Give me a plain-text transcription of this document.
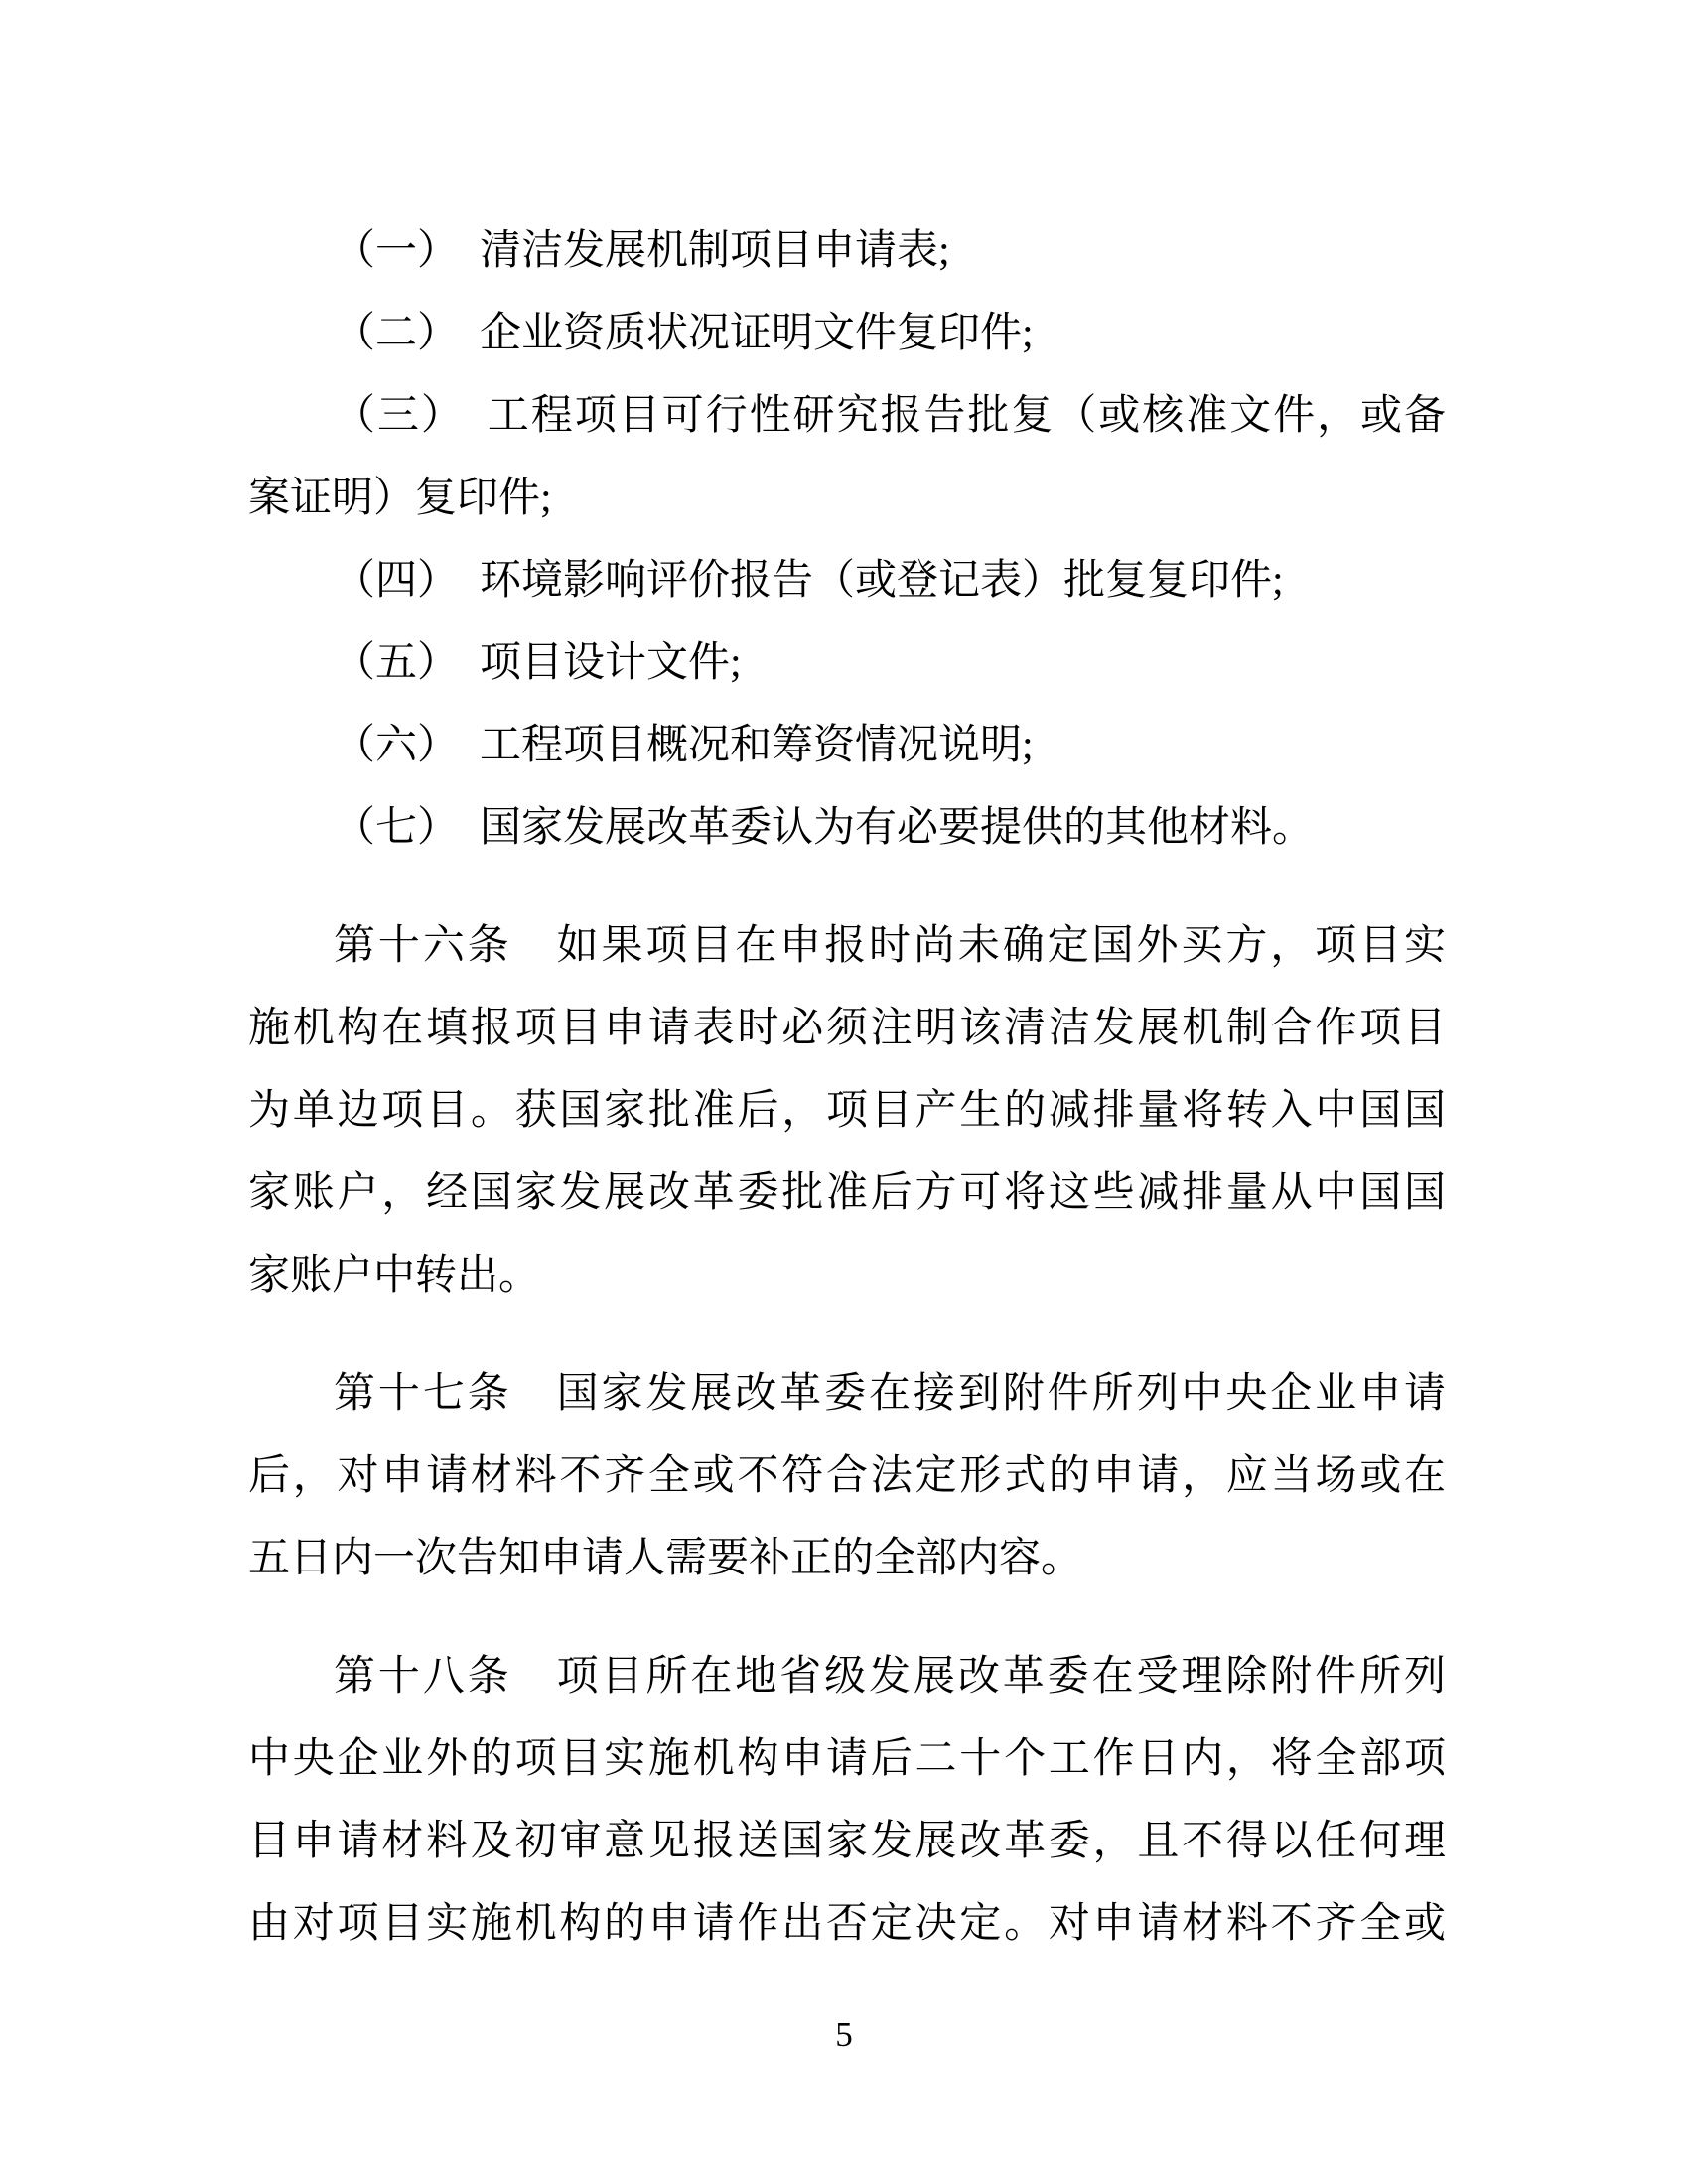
（一）　清洁发展机制项目申请表;

（二）　企业资质状况证明文件复印件;

（三）　工程项目可行性研究报告批复（或核准文件，或备
案证明）复印件;

（四）　环境影响评价报告（或登记表）批复复印件;

（五）　项目设计文件;

（六）　工程项目概况和筹资情况说明;

（七）　国家发展改革委认为有必要提供的其他材料。

第十六条　如果项目在申报时尚未确定国外买方，项目实
施机构在填报项目申请表时必须注明该清洁发展机制合作项目
为单边项目。获国家批准后，项目产生的减排量将转入中国国
家账户，经国家发展改革委批准后方可将这些减排量从中国国
家账户中转出。

第十七条　国家发展改革委在接到附件所列中央企业申请
后，对申请材料不齐全或不符合法定形式的申请，应当场或在
五日内一次告知申请人需要补正的全部内容。

第十八条　项目所在地省级发展改革委在受理除附件所列
中央企业外的项目实施机构申请后二十个工作日内，将全部项
目申请材料及初审意见报送国家发展改革委，且不得以任何理
由对项目实施机构的申请作出否定决定。对申请材料不齐全或

5
